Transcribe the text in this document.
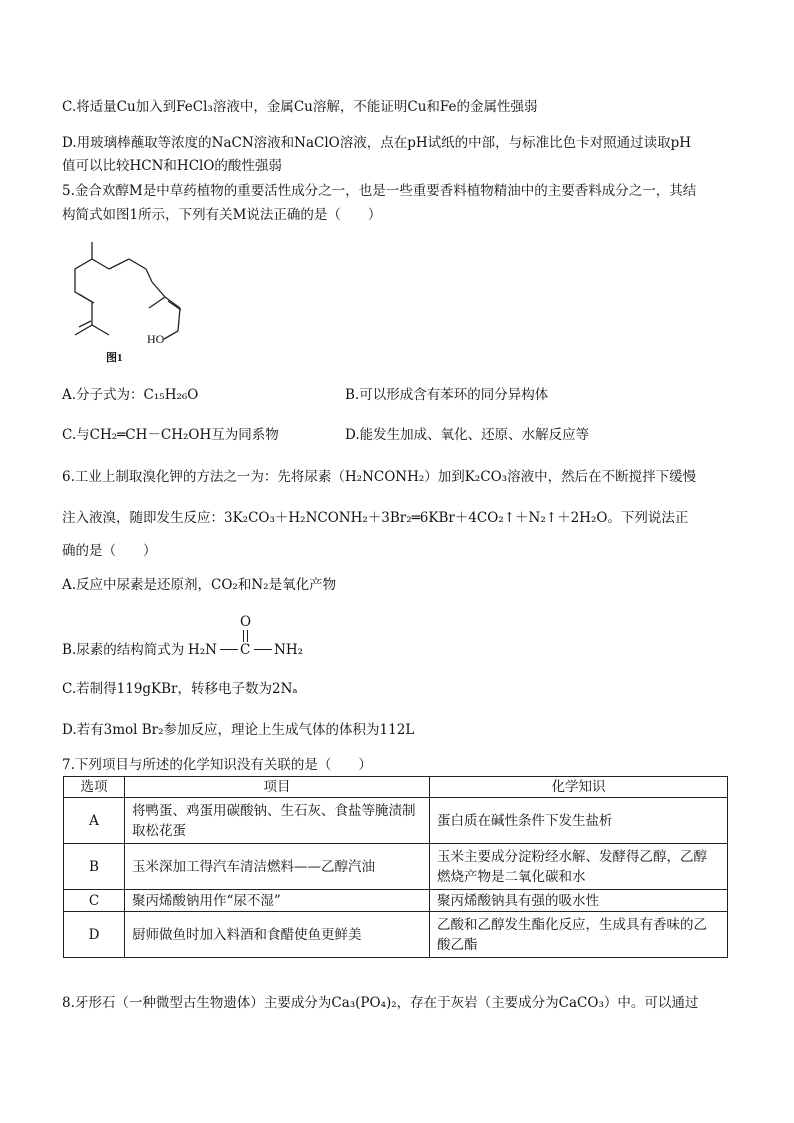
C.将适量Cu加入到FeCl₃溶液中，金属Cu溶解，不能证明Cu和Fe的金属性强弱
D.用玻璃棒蘸取等浓度的NaCN溶液和NaClO溶液，点在pH试纸的中部，与标准比色卡对照通过读取pH
值可以比较HCN和HClO的酸性强弱
5.金合欢醇M是中草药植物的重要活性成分之一，也是一些重要香料植物精油中的主要香料成分之一，其结
构简式如图1所示，下列有关M说法正确的是（　　）
HO
图1
A.分子式为：C₁₅H₂₆O	B.可以形成含有苯环的同分异构体
C.与CH₂═CH－CH₂OH互为同系物	D.能发生加成、氧化、还原、水解反应等
6.工业上制取溴化钾的方法之一为：先将尿素（H₂NCONH₂）加到K₂CO₃溶液中，然后在不断搅拌下缓慢
注入液溴，随即发生反应：3K₂CO₃＋H₂NCONH₂＋3Br₂═6KBr＋4CO₂↑＋N₂↑＋2H₂O。下列说法正
确的是（　　）
A.反应中尿素是还原剂，CO₂和N₂是氧化产物
B.尿素的结构简式为 H₂N C
O
NH₂
C.若制得119gKBr，转移电子数为2Nₐ
D.若有3mol Br₂参加反应，理论上生成气体的体积为112L
7.下列项目与所述的化学知识没有关联的是（　　）
选项	项目	化学知识
A	将鸭蛋、鸡蛋用碳酸钠、生石灰、食盐等腌渍制取松花蛋	蛋白质在碱性条件下发生盐析
B	玉米深加工得汽车清洁燃料——乙醇汽油	玉米主要成分淀粉经水解、发酵得乙醇，乙醇燃烧产物是二氧化碳和水
C	聚丙烯酸钠用作“尿不湿”	聚丙烯酸钠具有强的吸水性
D	厨师做鱼时加入料酒和食醋使鱼更鲜美	乙酸和乙醇发生酯化反应，生成具有香味的乙酸乙酯
8.牙形石（一种微型古生物遗体）主要成分为Ca₃(PO₄)₂，存在于灰岩（主要成分为CaCO₃）中。可以通过
